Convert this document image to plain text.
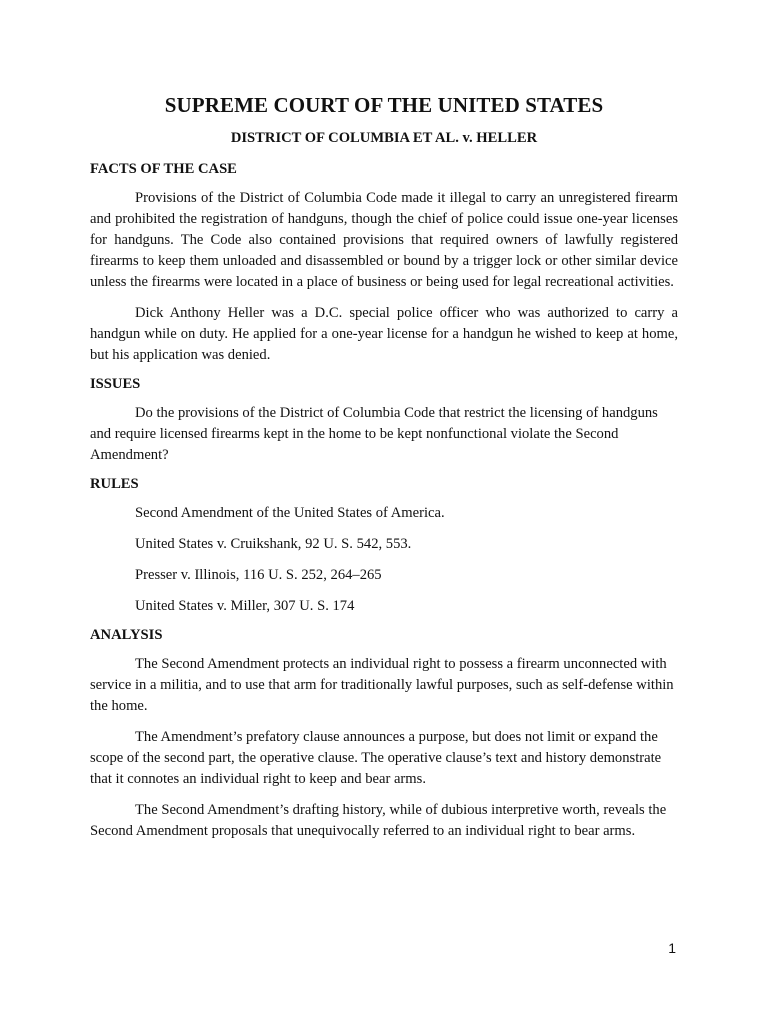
SUPREME COURT OF THE UNITED STATES
DISTRICT OF COLUMBIA ET AL. v. HELLER
FACTS OF THE CASE

Provisions of the District of Columbia Code made it illegal to carry an unregistered firearm and prohibited the registration of handguns, though the chief of police could issue one-year licenses for handguns. The Code also contained provisions that required owners of lawfully registered firearms to keep them unloaded and disassembled or bound by a trigger lock or other similar device unless the firearms were located in a place of business or being used for legal recreational activities.

Dick Anthony Heller was a D.C. special police officer who was authorized to carry a handgun while on duty. He applied for a one-year license for a handgun he wished to keep at home, but his application was denied.

ISSUES

Do the provisions of the District of Columbia Code that restrict the licensing of handguns and require licensed firearms kept in the home to be kept nonfunctional violate the Second Amendment?

RULES
Second Amendment of the United States of America.
United States v. Cruikshank, 92 U. S. 542, 553.
Presser v. Illinois, 116 U. S. 252, 264–265
United States v. Miller, 307 U. S. 174
ANALYSIS

The Second Amendment protects an individual right to possess a firearm unconnected with service in a militia, and to use that arm for traditionally lawful purposes, such as self-defense within the home.

The Amendment’s prefatory clause announces a purpose, but does not limit or expand the scope of the second part, the operative clause. The operative clause’s text and history demonstrate that it connotes an individual right to keep and bear arms.

The Second Amendment’s drafting history, while of dubious interpretive worth, reveals the Second Amendment proposals that unequivocally referred to an individual right to bear arms.

1
